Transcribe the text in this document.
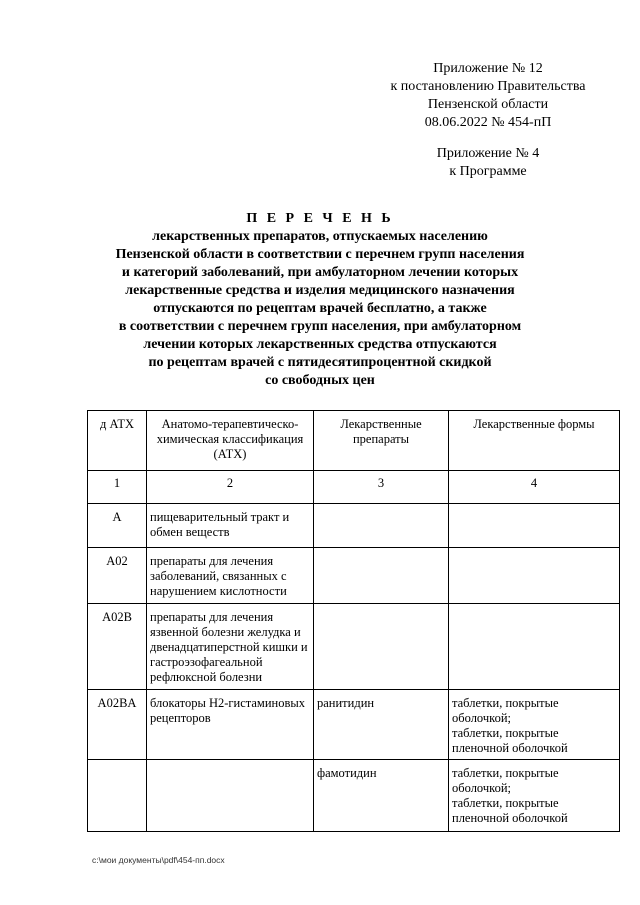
Приложение № 12
к постановлению Правительства
Пензенской области
08.06.2022 № 454-пП
Приложение № 4
к Программе
П Е Р Е Ч Е Н Ь
лекарственных препаратов, отпускаемых населению
Пензенской области в соответствии с перечнем групп населения
и категорий заболеваний, при амбулаторном лечении которых
лекарственные средства и изделия медицинского назначения
отпускаются по рецептам врачей бесплатно, а также
в соответствии с перечнем групп населения, при амбулаторном
лечении которых лекарственных средства отпускаются
по рецептам врачей с пятидесятипроцентной скидкой
со свободных цен
д АТХ	Анатомо-терапевтическо-химическая классификация (АТХ)	Лекарственные препараты	Лекарственные формы
1	2	3	4
А	пищеварительный тракт и обмен веществ		
A02	препараты для лечения заболеваний, связанных с нарушением кислотности		
A02B	препараты для лечения язвенной болезни желудка и двенадцатиперстной кишки и гастроэзофагеальной рефлюксной болезни		
A02BA	блокаторы Н2-гистаминовых рецепторов	ранитидин	таблетки, покрытые оболочкой;
таблетки, покрытые пленочной оболочкой

		фамотидин	таблетки, покрытые оболочкой;
таблетки, покрытые пленочной оболочкой
c:\мои документы\pdf\454-пп.docx
